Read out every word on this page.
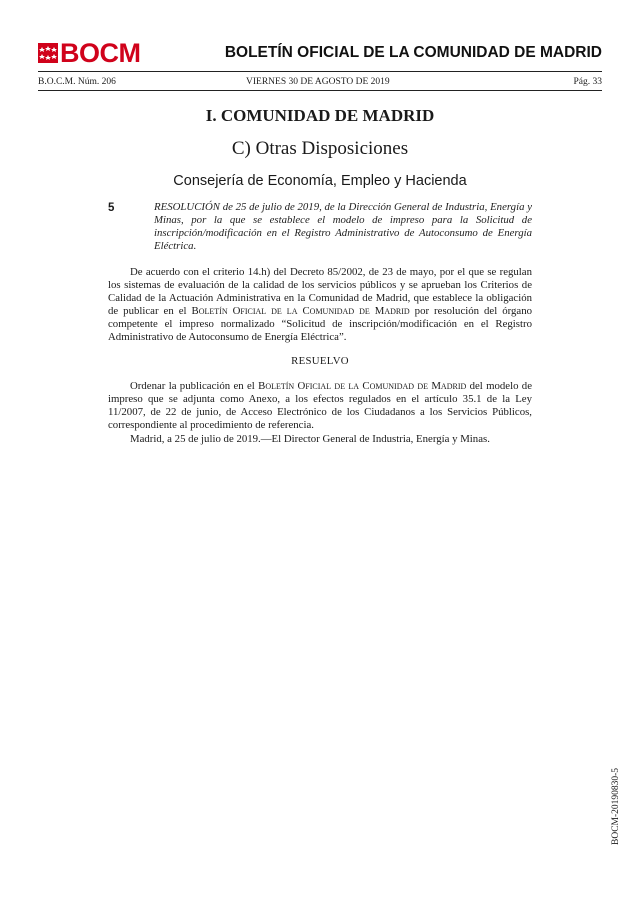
BOCM	BOLETÍN OFICIAL DE LA COMUNIDAD DE MADRID
B.O.C.M. Núm. 206	VIERNES 30 DE AGOSTO DE 2019	Pág. 33
I. COMUNIDAD DE MADRID
C) Otras Disposiciones
Consejería de Economía, Empleo y Hacienda
5	RESOLUCIÓN de 25 de julio de 2019, de la Dirección General de Industria, Energía y Minas, por la que se establece el modelo de impreso para la Solicitud de inscripción/modificación en el Registro Administrativo de Autoconsumo de Energía Eléctrica.

De acuerdo con el criterio 14.h) del Decreto 85/2002, de 23 de mayo, por el que se regulan los sistemas de evaluación de la calidad de los servicios públicos y se aprueban los Criterios de Calidad de la Actuación Administrativa en la Comunidad de Madrid, que establece la obligación de publicar en el Boletín Oficial de la Comunidad de Madrid por resolución del órgano competente el impreso normalizado “Solicitud de inscripción/modificación en el Registro Administrativo de Autoconsumo de Energía Eléctrica”.

RESUELVO

Ordenar la publicación en el Boletín Oficial de la Comunidad de Madrid del modelo de impreso que se adjunta como Anexo, a los efectos regulados en el artículo 35.1 de la Ley 11/2007, de 22 de junio, de Acceso Electrónico de los Ciudadanos a los Servicios Públicos, correspondiente al procedimiento de referencia.

Madrid, a 25 de julio de 2019.—El Director General de Industria, Energía y Minas.

BOCM-20190830-5
